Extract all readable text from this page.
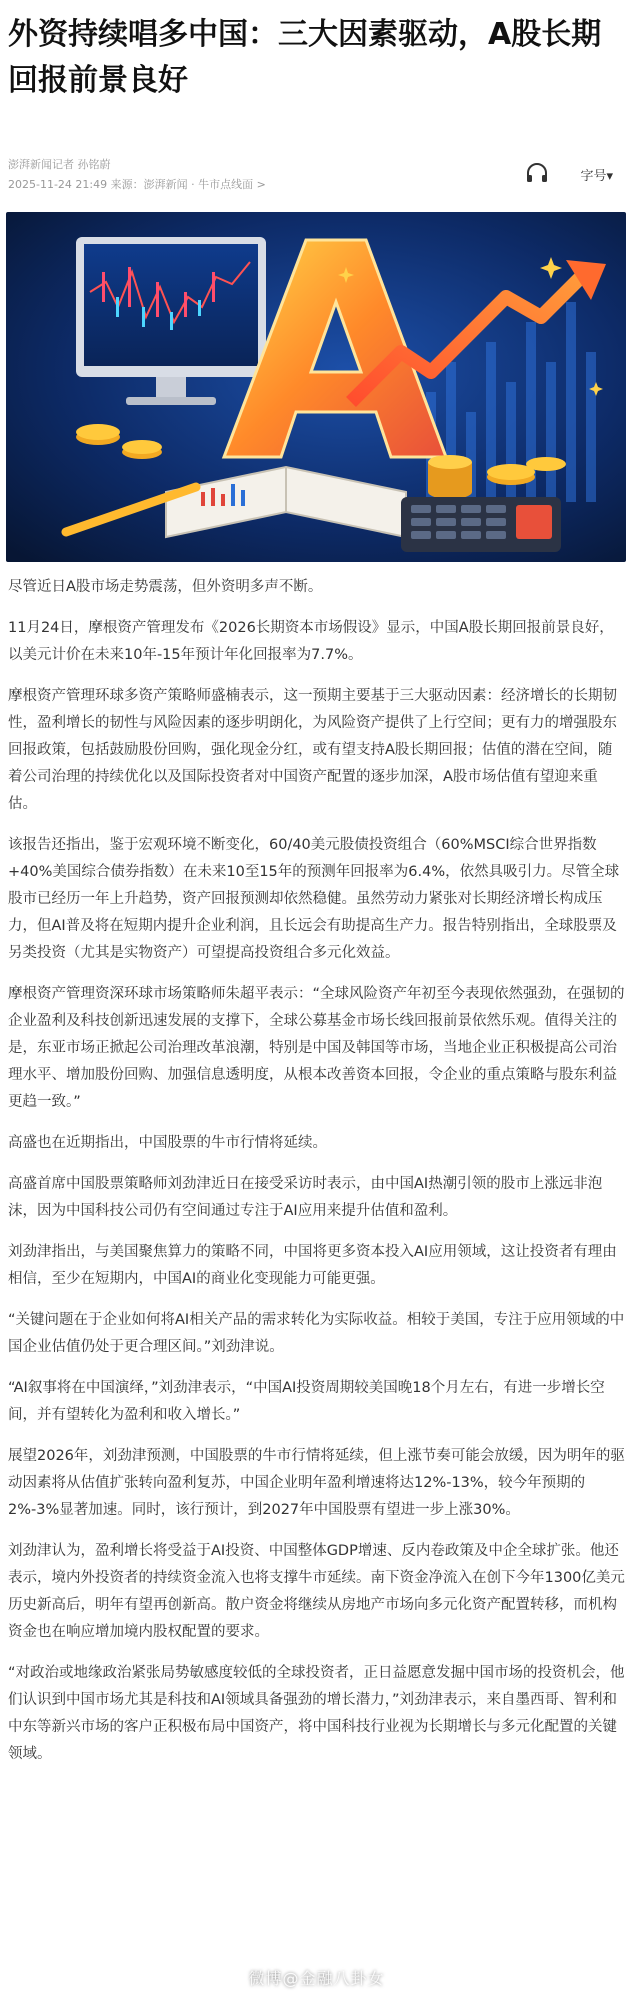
外资持续唱多中国：三大因素驱动，A股长期回报前景良好
澎湃新闻记者 孙铭蔚
2025-11-24 21:49 来源：澎湃新闻 · 牛市点线面 >
字号▾

尽管近日A股市场走势震荡，但外资明多声不断。

11月24日，摩根资产管理发布《2026长期资本市场假设》显示，中国A股长期回报前景良好，以美元计价在未来10年-15年预计年化回报率为7.7%。

摩根资产管理环球多资产策略师盛楠表示，这一预期主要基于三大驱动因素：经济增长的长期韧性，盈利增长的韧性与风险因素的逐步明朗化，为风险资产提供了上行空间；更有力的增强股东回报政策，包括鼓励股份回购，强化现金分红，或有望支持A股长期回报；估值的潜在空间，随着公司治理的持续优化以及国际投资者对中国资产配置的逐步加深，A股市场估值有望迎来重估。

该报告还指出，鉴于宏观环境不断变化，60/40美元股债投资组合（60%MSCI综合世界指数+40%美国综合债券指数）在未来10至15年的预测年回报率为6.4%，依然具吸引力。尽管全球股市已经历一年上升趋势，资产回报预测却依然稳健。虽然劳动力紧张对长期经济增长构成压力，但AI普及将在短期内提升企业利润，且长远会有助提高生产力。报告特别指出，全球股票及另类投资（尤其是实物资产）可望提高投资组合多元化效益。

摩根资产管理资深环球市场策略师朱超平表示：“全球风险资产年初至今表现依然强劲，在强韧的企业盈利及科技创新迅速发展的支撑下，全球公募基金市场长线回报前景依然乐观。值得关注的是，东亚市场正掀起公司治理改革浪潮，特别是中国及韩国等市场，当地企业正积极提高公司治理水平、增加股份回购、加强信息透明度，从根本改善资本回报，令企业的重点策略与股东利益更趋一致。”

高盛也在近期指出，中国股票的牛市行情将延续。

高盛首席中国股票策略师刘劲津近日在接受采访时表示，由中国AI热潮引领的股市上涨远非泡沫，因为中国科技公司仍有空间通过专注于AI应用来提升估值和盈利。

刘劲津指出，与美国聚焦算力的策略不同，中国将更多资本投入AI应用领域，这让投资者有理由相信，至少在短期内，中国AI的商业化变现能力可能更强。

“关键问题在于企业如何将AI相关产品的需求转化为实际收益。相较于美国，专注于应用领域的中国企业估值仍处于更合理区间。”刘劲津说。

“AI叙事将在中国演绎，”刘劲津表示，“中国AI投资周期较美国晚18个月左右，有进一步增长空间，并有望转化为盈利和收入增长。”

展望2026年，刘劲津预测，中国股票的牛市行情将延续，但上涨节奏可能会放缓，因为明年的驱动因素将从估值扩张转向盈利复苏，中国企业明年盈利增速将达12%-13%，较今年预期的2%-3%显著加速。同时，该行预计，到2027年中国股票有望进一步上涨30%。

刘劲津认为，盈利增长将受益于AI投资、中国整体GDP增速、反内卷政策及中企全球扩张。他还表示，境内外投资者的持续资金流入也将支撑牛市延续。南下资金净流入在创下今年1300亿美元历史新高后，明年有望再创新高。散户资金将继续从房地产市场向多元化资产配置转移，而机构资金也在响应增加境内股权配置的要求。

“对政治或地缘政治紧张局势敏感度较低的全球投资者，正日益愿意发掘中国市场的投资机会，他们认识到中国市场尤其是科技和AI领域具备强劲的增长潜力，”刘劲津表示，来自墨西哥、智利和中东等新兴市场的客户正积极布局中国资产，将中国科技行业视为长期增长与多元化配置的关键领域。

微博@金融八卦女
